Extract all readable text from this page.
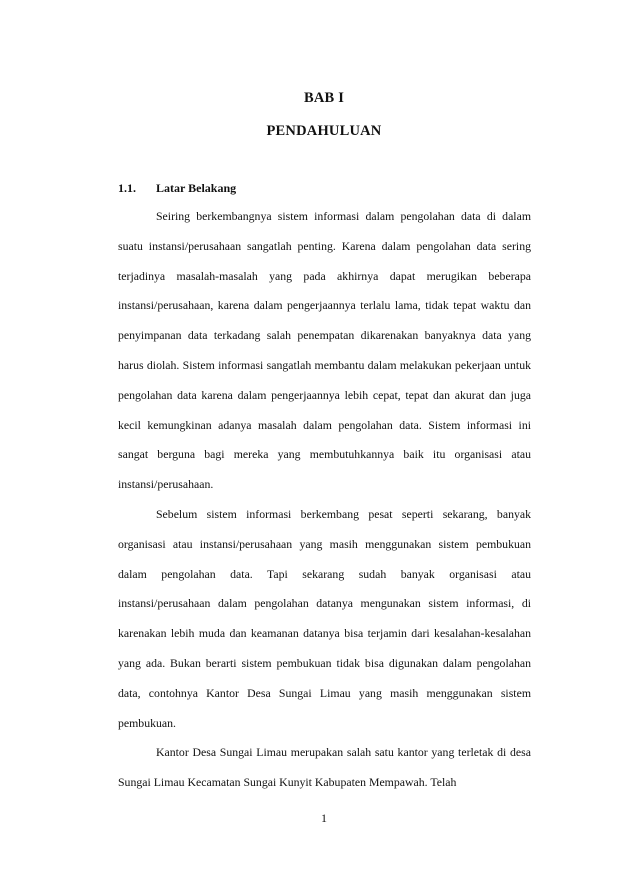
BAB I
PENDAHULUAN
1.1. Latar Belakang

Seiring berkembangnya sistem informasi dalam pengolahan data di dalam suatu instansi/perusahaan sangatlah penting. Karena dalam pengolahan data sering terjadinya masalah-masalah yang pada akhirnya dapat merugikan beberapa instansi/perusahaan, karena dalam pengerjaannya terlalu lama, tidak tepat waktu dan penyimpanan data terkadang salah penempatan dikarenakan banyaknya data yang harus diolah. Sistem informasi sangatlah membantu dalam melakukan pekerjaan untuk pengolahan data karena dalam pengerjaannya lebih cepat, tepat dan akurat dan juga kecil kemungkinan adanya masalah dalam pengolahan data. Sistem informasi ini sangat berguna bagi mereka yang membutuhkannya baik itu organisasi atau instansi/perusahaan.

Sebelum sistem informasi berkembang pesat seperti sekarang, banyak organisasi atau instansi/perusahaan yang masih menggunakan sistem pembukuan dalam pengolahan data. Tapi sekarang sudah banyak organisasi atau instansi/perusahaan dalam pengolahan datanya mengunakan sistem informasi, di karenakan lebih muda dan keamanan datanya bisa terjamin dari kesalahan-kesalahan yang ada. Bukan berarti sistem pembukuan tidak bisa digunakan dalam pengolahan data, contohnya Kantor Desa Sungai Limau yang masih menggunakan sistem pembukuan.

Kantor Desa Sungai Limau merupakan salah satu kantor yang terletak di desa Sungai Limau Kecamatan Sungai Kunyit Kabupaten Mempawah. Telah

1
